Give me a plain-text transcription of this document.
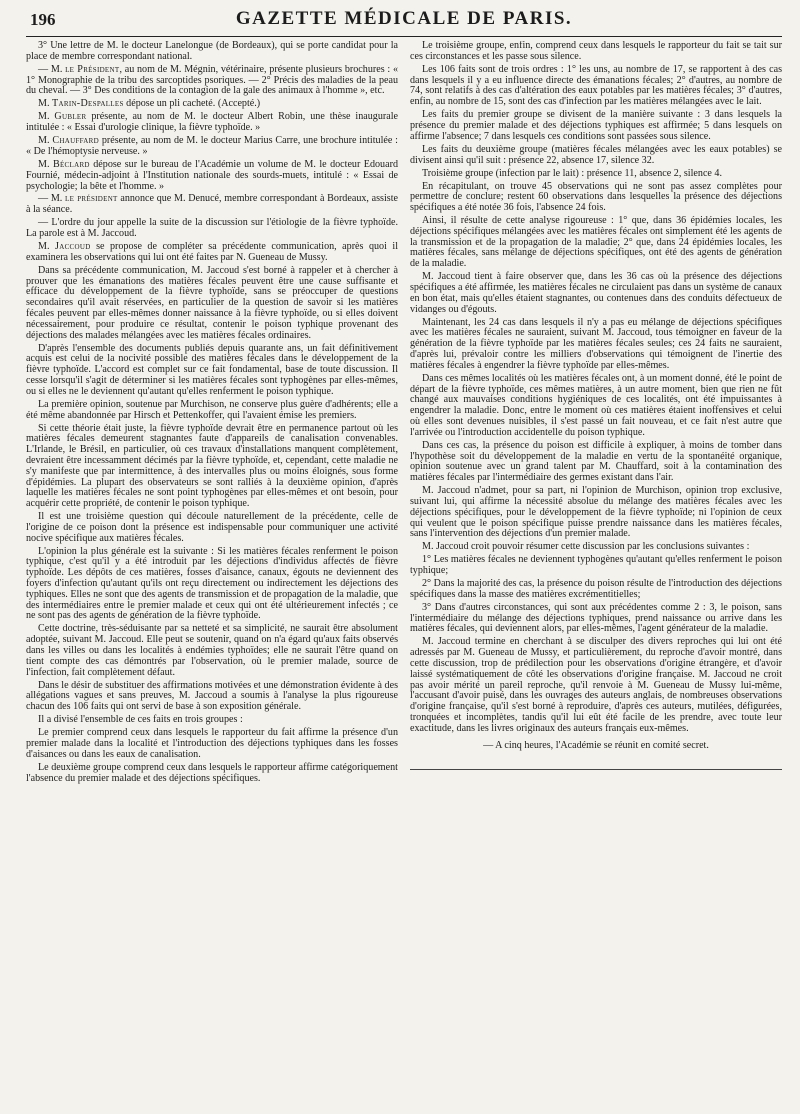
196	GAZETTE MÉDICALE DE PARIS.

3° Une lettre de M. le docteur Lanelongue (de Bordeaux), qui se porte candidat pour la place de membre correspondant national.

— M. le Président, au nom de M. Mégnin, vétérinaire, présente plusieurs brochures : « 1° Monographie de la tribu des sarcoptides psoriques. — 2° Précis des maladies de la peau du cheval. — 3° Des conditions de la contagion de la gale des animaux à l'homme », etc.

M. Tarin-Despalles dépose un pli cacheté. (Accepté.)

M. Gubler présente, au nom de M. le docteur Albert Robin, une thèse inaugurale intitulée : « Essai d'urologie clinique, la fièvre typhoïde. »

M. Chauffard présente, au nom de M. le docteur Marius Carre, une brochure intitulée : « De l'hémoptysie nerveuse. »

M. Béclard dépose sur le bureau de l'Académie un volume de M. le docteur Edouard Fournié, médecin-adjoint à l'Institution nationale des sourds-muets, intitulé : « Essai de psychologie; la bête et l'homme. »

— M. le président annonce que M. Denucé, membre correspondant à Bordeaux, assiste à la séance.

— L'ordre du jour appelle la suite de la discussion sur l'étiologie de la fièvre typhoïde. La parole est à M. Jaccoud.

M. Jaccoud se propose de compléter sa précédente communication, après quoi il examinera les observations qui lui ont été faites par N. Gueneau de Mussy.

Dans sa précédente communication, M. Jaccoud s'est borné à rappeler et à chercher à prouver que les émanations des matières fécales peuvent être une cause suffisante et efficace du développement de la fièvre typhoïde, sans se préoccuper de questions secondaires qu'il avait réservées, en particulier de la question de savoir si les matières fécales peuvent par elles-mêmes donner naissance à la fièvre typhoïde, ou si elles doivent nécessairement, pour produire ce résultat, contenir le poison typhique provenant des déjections des malades mélangées avec les matières fécales ordinaires.

D'après l'ensemble des documents publiés depuis quarante ans, un fait définitivement acquis est celui de la nocivité possible des matières fécales dans le développement de la fièvre typhoïde. L'accord est complet sur ce fait fondamental, base de toute discussion. Il cesse lorsqu'il s'agit de déterminer si les matières fécales sont typhogènes par elles-mêmes, ou si elles ne le deviennent qu'autant qu'elles renferment le poison typhique.

La première opinion, soutenue par Murchison, ne conserve plus guère d'adhérents; elle a été même abandonnée par Hirsch et Pettenkoffer, qui l'avaient émise les premiers.

Si cette théorie était juste, la fièvre typhoïde devrait être en permanence partout où les matières fécales demeurent stagnantes faute d'appareils de canalisation convenables. L'Irlande, le Brésil, en particulier, où ces travaux d'installations manquent complètement, devraient être incessamment décimés par la fièvre typhoïde, et, cependant, cette maladie ne s'y manifeste que par intermittence, à des intervalles plus ou moins éloignés, sous forme d'épidémies. La plupart des observateurs se sont ralliés à la deuxième opinion, d'après laquelle les matières fécales ne sont point typhogènes par elles-mêmes et ont besoin, pour acquérir cette propriété, de contenir le poison typhique.

Il est une troisième question qui découle naturellement de la précédente, celle de l'origine de ce poison dont la présence est indispensable pour communiquer une activité nocive spécifique aux matières fécales.

L'opinion la plus générale est la suivante : Si les matières fécales renferment le poison typhique, c'est qu'il y a été introduit par les déjections d'individus affectés de fièvre typhoïde. Les dépôts de ces matières, fosses d'aisance, canaux, égouts ne deviennent des foyers d'infection qu'autant qu'ils ont reçu directement ou indirectement les déjections des typhiques. Elles ne sont que des agents de transmission et de propagation de la maladie, que des intermédiaires entre le premier malade et ceux qui ont été ultérieurement infectés ; ce ne sont pas des agents de génération de la fièvre typhoïde.

Cette doctrine, très-séduisante par sa netteté et sa simplicité, ne saurait être absolument adoptée, suivant M. Jaccoud. Elle peut se soutenir, quand on n'a égard qu'aux faits observés dans les villes ou dans les localités à endémies typhoïdes; elle ne saurait l'être quand on tient compte des cas démontrés par l'observation, où le premier malade, source de l'infection, fait complètement défaut.

Dans le désir de substituer des affirmations motivées et une démonstration évidente à des allégations vagues et sans preuves, M. Jaccoud a soumis à l'analyse la plus rigoureuse chacun des 106 faits qui ont servi de base à son exposition générale.

Il a divisé l'ensemble de ces faits en trois groupes :

Le premier comprend ceux dans lesquels le rapporteur du fait affirme la présence d'un premier malade dans la localité et l'introduction des déjections typhiques dans les fosses d'aisances ou dans les eaux de canalisation.

Le deuxième groupe comprend ceux dans lesquels le rapporteur affirme catégoriquement l'absence du premier malade et des déjections spécifiques.

Le troisième groupe, enfin, comprend ceux dans lesquels le rapporteur du fait se tait sur ces circonstances et les passe sous silence.

Les 106 faits sont de trois ordres : 1° les uns, au nombre de 17, se rapportent à des cas dans lesquels il y a eu influence directe des émanations fécales; 2° d'autres, au nombre de 74, sont relatifs à des cas d'altération des eaux potables par les matières fécales; 3° d'autres, enfin, au nombre de 15, sont des cas d'infection par les matières mélangées avec le lait.

Les faits du premier groupe se divisent de la manière suivante : 3 dans lesquels la présence du premier malade et des déjections typhiques est affirmée; 5 dans lesquels on affirme l'absence; 7 dans lesquels ces conditions sont passées sous silence.

Les faits du deuxième groupe (matières fécales mélangées avec les eaux potables) se divisent ainsi qu'il suit : présence 22, absence 17, silence 32.

Troisième groupe (infection par le lait) : présence 11, absence 2, silence 4.

En récapitulant, on trouve 45 observations qui ne sont pas assez complètes pour permettre de conclure; restent 60 observations dans lesquelles la présence des déjections spécifiques a été notée 36 fois, l'absence 24 fois.

Ainsi, il résulte de cette analyse rigoureuse : 1° que, dans 36 épidémies locales, les déjections spécifiques mélangées avec les matières fécales ont simplement été les agents de la transmission et de la propagation de la maladie; 2° que, dans 24 épidémies locales, les matières fécales, sans mélange de déjections spécifiques, ont été des agents de génération de la maladie.

M. Jaccoud tient à faire observer que, dans les 36 cas où la présence des déjections spécifiques a été affirmée, les matières fécales ne circulaient pas dans un système de canaux en bon état, mais qu'elles étaient stagnantes, ou contenues dans des conduits défectueux de vidanges ou d'égouts.

Maintenant, les 24 cas dans lesquels il n'y a pas eu mélange de déjections spécifiques avec les matières fécales ne sauraient, suivant M. Jaccoud, tous témoigner en faveur de la génération de la fièvre typhoïde par les matières fécales seules; ces 24 faits ne sauraient, d'après lui, prévaloir contre les milliers d'observations qui témoignent de l'inertie des matières fécales à engendrer la fièvre typhoïde par elles-mêmes.

Dans ces mêmes localités où les matières fécales ont, à un moment donné, été le point de départ de la fièvre typhoïde, ces mêmes matières, à un autre moment, bien que rien ne fût changé aux mauvaises conditions hygiéniques de ces localités, ont été impuissantes à engendrer la maladie. Donc, entre le moment où ces matières étaient inoffensives et celui où elles sont devenues nuisibles, il s'est passé un fait nouveau, et ce fait n'est autre que l'arrivée ou l'introduction accidentelle du poison typhique.

Dans ces cas, la présence du poison est difficile à expliquer, à moins de tomber dans l'hypothèse soit du développement de la maladie en vertu de la spontanéité organique, opinion soutenue avec un grand talent par M. Chauffard, soit à la contamination des matières fécales par l'intermédiaire des germes existant dans l'air.

M. Jaccoud n'admet, pour sa part, ni l'opinion de Murchison, opinion trop exclusive, suivant lui, qui affirme la nécessité absolue du mélange des matières fécales avec les déjections spécifiques, pour le développement de la fièvre typhoïde; ni l'opinion de ceux qui veulent que le poison spécifique puisse prendre naissance dans les matières fécales, sans l'intervention des déjections d'un premier malade.

M. Jaccoud croit pouvoir résumer cette discussion par les conclusions suivantes :

1° Les matières fécales ne deviennent typhogènes qu'autant qu'elles renferment le poison typhique;

2° Dans la majorité des cas, la présence du poison résulte de l'introduction des déjections spécifiques dans la masse des matières excrémentitielles;

3° Dans d'autres circonstances, qui sont aux précédentes comme 2 : 3, le poison, sans l'intermédiaire du mélange des déjections typhiques, prend naissance ou arrive dans les matières fécales, qui deviennent alors, par elles-mêmes, l'agent générateur de la maladie.

M. Jaccoud termine en cherchant à se disculper des divers reproches qui lui ont été adressés par M. Gueneau de Mussy, et particulièrement, du reproche d'avoir montré, dans cette discussion, trop de prédilection pour les observations d'origine étrangère, et d'avoir laissé systématiquement de côté les observations d'origine française. M. Jaccoud ne croit pas avoir mérité un pareil reproche, qu'il renvoie à M. Gueneau de Mussy lui-même, l'accusant d'avoir puisé, dans les ouvrages des auteurs anglais, de nombreuses observations d'origine française, qu'il s'est borné à reproduire, d'après ces auteurs, mutilées, défigurées, tronquées et incomplètes, tandis qu'il lui eût été facile de les prendre, avec toute leur exactitude, dans les livres originaux des auteurs français eux-mêmes.

— A cinq heures, l'Académie se réunit en comité secret.
